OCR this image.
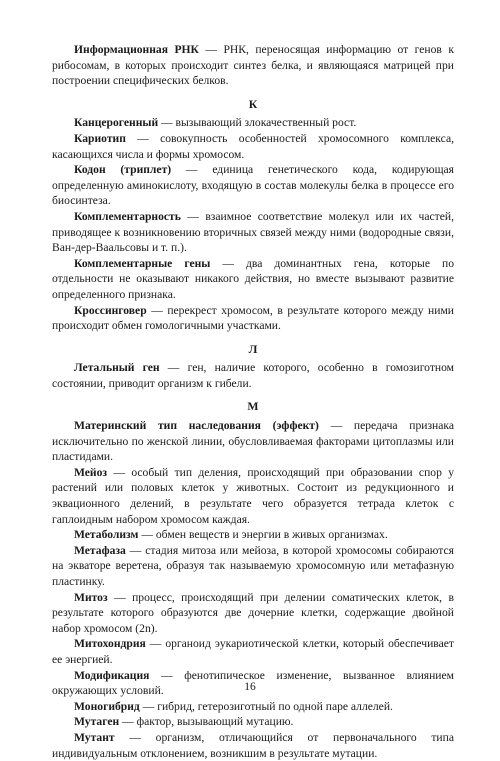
Информационная РНК — РНК, переносящая информацию от генов к рибосомам, в которых происходит синтез белка, и являющаяся матрицей при построении специфических белков.

К

Канцерогенный — вызывающий злокачественный рост.

Кариотип — совокупность особенностей хромосомного комплекса, касающихся числа и формы хромосом.

Кодон (триплет) — единица генетического кода, кодирующая определенную аминокислоту, входящую в состав молекулы белка в процессе его биосинтеза.

Комплементарность — взаимное соответствие молекул или их частей, приводящее к возникновению вторичных связей между ними (водородные связи, Ван-дер-Ваальсовы и т. п.).

Комплементарные гены — два доминантных гена, которые по отдельности не оказывают никакого действия, но вместе вызывают развитие определенного признака.

Кроссинговер — перекрест хромосом, в результате которого между ними происходит обмен гомологичными участками.

Л

Летальный ген — ген, наличие которого, особенно в гомозиготном состоянии, приводит организм к гибели.

М

Материнский тип наследования (эффект) — передача признака исключительно по женской линии, обусловливаемая факторами цитоплазмы или пластидами.

Мейоз — особый тип деления, происходящий при образовании спор у растений или половых клеток у животных. Состоит из редукционного и эквационного делений, в результате чего образуется тетрада клеток с гаплоидным набором хромосом каждая.

Метаболизм — обмен веществ и энергии в живых организмах.

Метафаза — стадия митоза или мейоза, в которой хромосомы собираются на экваторе веретена, образуя так называемую хромосомную или метафазную пластинку.

Митоз — процесс, происходящий при делении соматических клеток, в результате которого образуются две дочерние клетки, содержащие двойной набор хромосом (2n).

Митохондрия — органоид эукариотической клетки, который обеспечивает ее энергией.

Модификация — фенотипическое изменение, вызванное влиянием окружающих условий.

Моногибрид — гибрид, гетерозиготный по одной паре аллелей.

Мутаген — фактор, вызывающий мутацию.

Мутант — организм, отличающийся от первоначального типа индивидуальным отклонением, возникшим в результате мутации.

16
